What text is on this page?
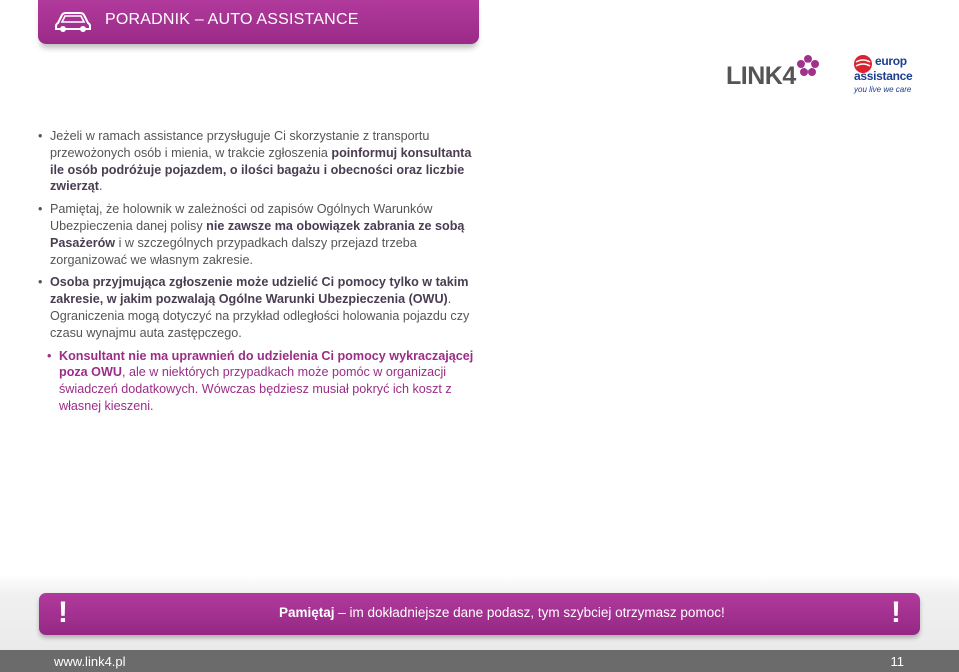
PORADNIK – AUTO ASSISTANCE
LINK4
europ
assistance
you live we care

• Jeżeli w ramach assistance przysługuje Ci skorzystanie z transportu przewożonych osób i mienia, w trakcie zgłoszenia poinformuj konsultanta ile osób podróżuje pojazdem, o ilości bagażu i obecności oraz liczbie zwierząt.

• Pamiętaj, że holownik w zależności od zapisów Ogólnych Warunków Ubezpieczenia danej polisy nie zawsze ma obowiązek zabrania ze sobą Pasażerów i w szczególnych przypadkach dalszy przejazd trzeba zorganizować we własnym zakresie.

• Osoba przyjmująca zgłoszenie może udzielić Ci pomocy tylko w takim zakresie, w jakim pozwalają Ogólne Warunki Ubezpieczenia (OWU). Ograniczenia mogą dotyczyć na przykład odległości holowania pojazdu czy czasu wynajmu auta zastępczego.

• Konsultant nie ma uprawnień do udzielenia Ci pomocy wykraczającej poza OWU, ale w niektórych przypadkach może pomóc w organizacji świadczeń dodatkowych. Wówczas będziesz musiał pokryć ich koszt z własnej kieszeni.

!	Pamiętaj – im dokładniejsze dane podasz, tym szybciej otrzymasz pomoc!	!
www.link4.pl	11
